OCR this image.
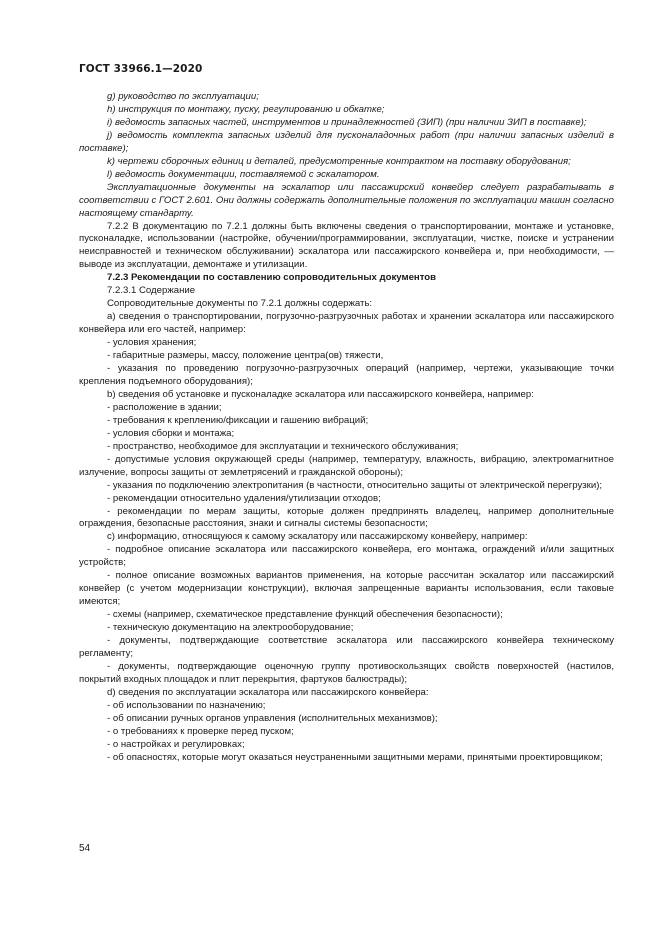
ГОСТ 33966.1—2020

g) руководство по эксплуатации;

h) инструкция по монтажу, пуску, регулированию и обкатке;

i) ведомость запасных частей, инструментов и принадлежностей (ЗИП) (при наличии ЗИП в поставке);

j) ведомость комплекта запасных изделий для пусконаладочных работ (при наличии запасных изделий в поставке);

k) чертежи сборочных единиц и деталей, предусмотренные контрактом на поставку оборудования;

l) ведомость документации, поставляемой с эскалатором.

Эксплуатационные документы на эскалатор или пассажирский конвейер следует разрабатывать в соответствии с ГОСТ 2.601. Они должны содержать дополнительные положения по эксплуатации машин согласно настоящему стандарту.

7.2.2 В документацию по 7.2.1 должны быть включены сведения о транспортировании, монтаже и установке, пусконаладке, использовании (настройке, обучении/программировании, эксплуатации, чистке, поиске и устранении неисправностей и техническом обслуживании) эскалатора или пассажирского конвейера и, при необходимости, — выводе из эксплуатации, демонтаже и утилизации.

7.2.3 Рекомендации по составлению сопроводительных документов

7.2.3.1 Содержание

Сопроводительные документы по 7.2.1 должны содержать:

а) сведения о транспортировании, погрузочно-разгрузочных работах и хранении эскалатора или пассажирского конвейера или его частей, например:

- условия хранения;

- габаритные размеры, массу, положение центра(ов) тяжести,

- указания по проведению погрузочно-разгрузочных операций (например, чертежи, указывающие точки крепления подъемного оборудования);

b) сведения об установке и пусконаладке эскалатора или пассажирского конвейера, например:

- расположение в здании;

- требования к креплению/фиксации и гашению вибраций;

- условия сборки и монтажа;

- пространство, необходимое для эксплуатации и технического обслуживания;

- допустимые условия окружающей среды (например, температуру, влажность, вибрацию, электромагнитное излучение, вопросы защиты от землетрясений и гражданской обороны);

- указания по подключению электропитания (в частности, относительно защиты от электрической перегрузки);

- рекомендации относительно удаления/утилизации отходов;

- рекомендации по мерам защиты, которые должен предпринять владелец, например дополнительные ограждения, безопасные расстояния, знаки и сигналы системы безопасности;

с) информацию, относящуюся к самому эскалатору или пассажирскому конвейеру, например:

- подробное описание эскалатора или пассажирского конвейера, его монтажа, ограждений и/или защитных устройств;

- полное описание возможных вариантов применения, на которые рассчитан эскалатор или пассажирский конвейер (с учетом модернизации конструкции), включая запрещенные варианты использования, если таковые имеются;

- схемы (например, схематическое представление функций обеспечения безопасности);

- техническую документацию на электрооборудование;

- документы, подтверждающие соответствие эскалатора или пассажирского конвейера техническому регламенту;

- документы, подтверждающие оценочную группу противоскользящих свойств поверхностей (настилов, покрытий входных площадок и плит перекрытия, фартуков балюстрады);

d) сведения по эксплуатации эскалатора или пассажирского конвейера:

- об использовании по назначению;

- об описании ручных органов управления (исполнительных механизмов);

- о требованиях к проверке перед пуском;

- о настройках и регулировках;

- об опасностях, которые могут оказаться неустраненными защитными мерами, принятыми проектировщиком;

54
